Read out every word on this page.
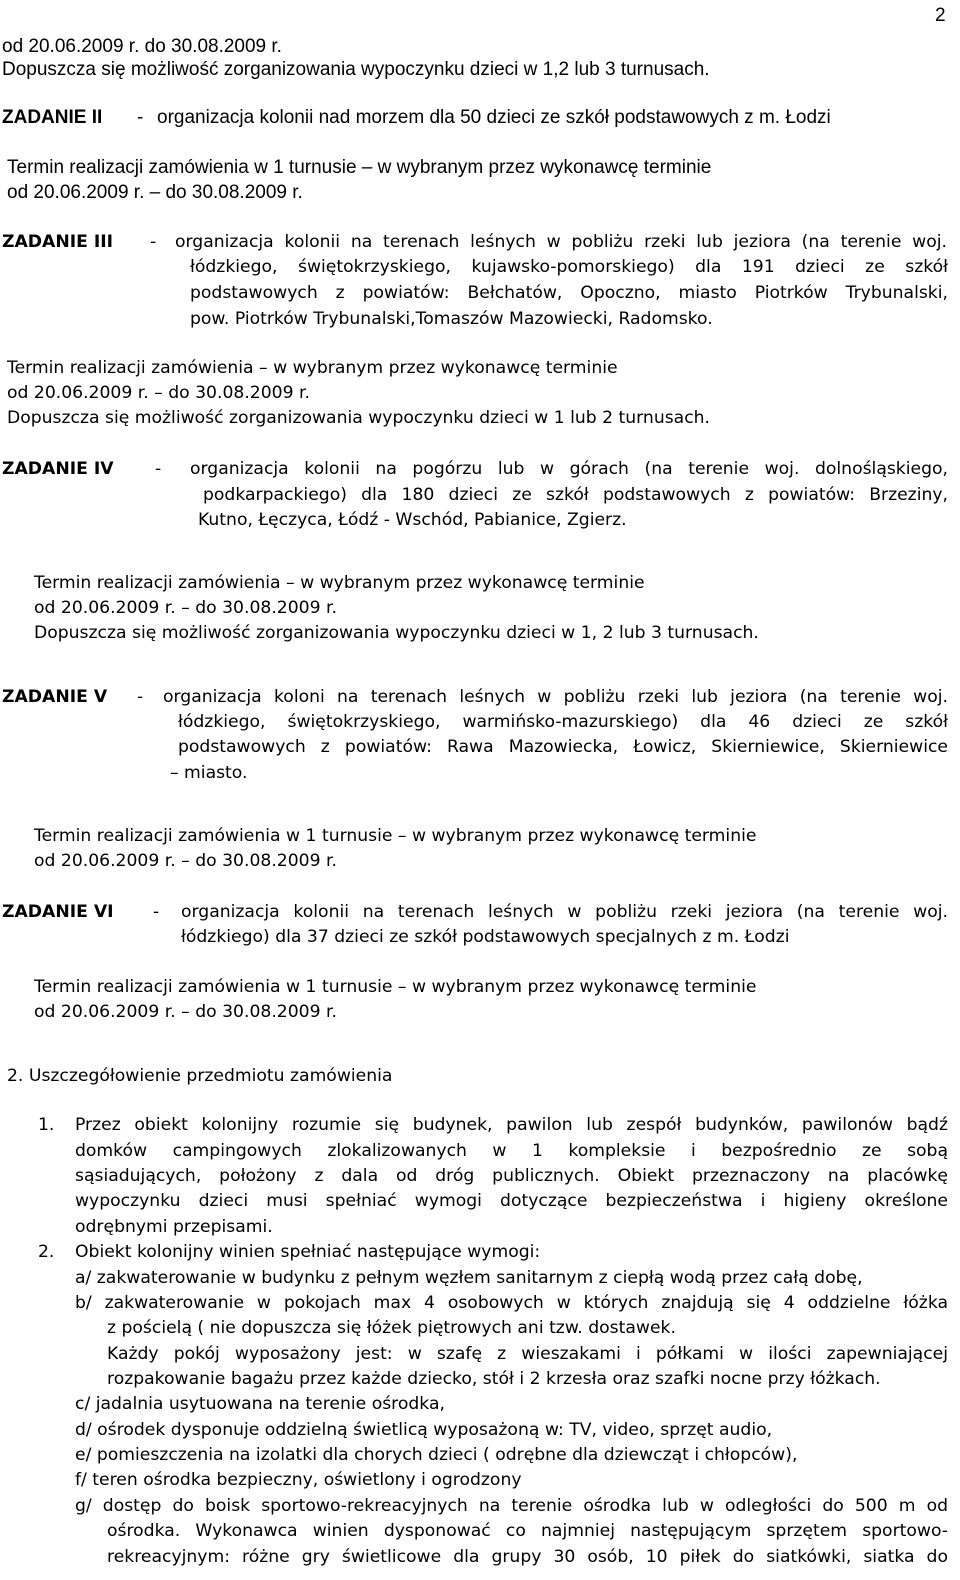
2
od 20.06.2009 r. do 30.08.2009 r.
Dopuszcza się możliwość zorganizowania wypoczynku dzieci w 1,2 lub 3 turnusach.
ZADANIE II - organizacja kolonii nad morzem dla 50 dzieci ze szkół podstawowych z m. Łodzi
Termin realizacji zamówienia w 1 turnusie – w wybranym przez wykonawcę terminie
od 20.06.2009 r. – do 30.08.2009 r.
ZADANIE III - organizacja kolonii na terenach leśnych w pobliżu rzeki lub jeziora (na terenie woj.
łódzkiego, świętokrzyskiego, kujawsko-pomorskiego) dla 191 dzieci ze szkół
podstawowych z powiatów: Bełchatów, Opoczno, miasto Piotrków Trybunalski,
pow. Piotrków Trybunalski,Tomaszów Mazowiecki, Radomsko.
Termin realizacji zamówienia – w wybranym przez wykonawcę terminie
od 20.06.2009 r. – do 30.08.2009 r.
Dopuszcza się możliwość zorganizowania wypoczynku dzieci w 1 lub 2 turnusach.
ZADANIE IV - organizacja kolonii na pogórzu lub w górach (na terenie woj. dolnośląskiego,
podkarpackiego) dla 180 dzieci ze szkół podstawowych z powiatów: Brzeziny,
Kutno, Łęczyca, Łódź - Wschód, Pabianice, Zgierz.
Termin realizacji zamówienia – w wybranym przez wykonawcę terminie
od 20.06.2009 r. – do 30.08.2009 r.
Dopuszcza się możliwość zorganizowania wypoczynku dzieci w 1, 2 lub 3 turnusach.
ZADANIE V - organizacja koloni na terenach leśnych w pobliżu rzeki lub jeziora (na terenie woj.
łódzkiego, świętokrzyskiego, warmińsko-mazurskiego) dla 46 dzieci ze szkół
podstawowych z powiatów: Rawa Mazowiecka, Łowicz, Skierniewice, Skierniewice
– miasto.
Termin realizacji zamówienia w 1 turnusie – w wybranym przez wykonawcę terminie
od 20.06.2009 r. – do 30.08.2009 r.
ZADANIE VI - organizacja kolonii na terenach leśnych w pobliżu rzeki jeziora (na terenie woj.
łódzkiego) dla 37 dzieci ze szkół podstawowych specjalnych z m. Łodzi
Termin realizacji zamówienia w 1 turnusie – w wybranym przez wykonawcę terminie
od 20.06.2009 r. – do 30.08.2009 r.
2. Uszczegółowienie przedmiotu zamówienia
1. Przez obiekt kolonijny rozumie się budynek, pawilon lub zespół budynków, pawilonów bądź
domków campingowych zlokalizowanych w 1 kompleksie i bezpośrednio ze sobą
sąsiadujących, położony z dala od dróg publicznych. Obiekt przeznaczony na placówkę
wypoczynku dzieci musi spełniać wymogi dotyczące bezpieczeństwa i higieny określone
odrębnymi przepisami.
2. Obiekt kolonijny winien spełniać następujące wymogi:
a/ zakwaterowanie w budynku z pełnym węzłem sanitarnym z ciepłą wodą przez całą dobę,
b/ zakwaterowanie w pokojach max 4 osobowych w których znajdują się 4 oddzielne łóżka
z pościelą ( nie dopuszcza się łóżek piętrowych ani tzw. dostawek.
Każdy pokój wyposażony jest: w szafę z wieszakami i półkami w ilości zapewniającej
rozpakowanie bagażu przez każde dziecko, stół i 2 krzesła oraz szafki nocne przy łóżkach.
c/ jadalnia usytuowana na terenie ośrodka,
d/ ośrodek dysponuje oddzielną świetlicą wyposażoną w: TV, video, sprzęt audio,
e/ pomieszczenia na izolatki dla chorych dzieci ( odrębne dla dziewcząt i chłopców),
f/ teren ośrodka bezpieczny, oświetlony i ogrodzony
g/ dostęp do boisk sportowo-rekreacyjnych na terenie ośrodka lub w odległości do 500 m od
ośrodka. Wykonawca winien dysponować co najmniej następującym sprzętem sportowo-
rekreacyjnym: różne gry świetlicowe dla grupy 30 osób, 10 piłek do siatkówki, siatka do
